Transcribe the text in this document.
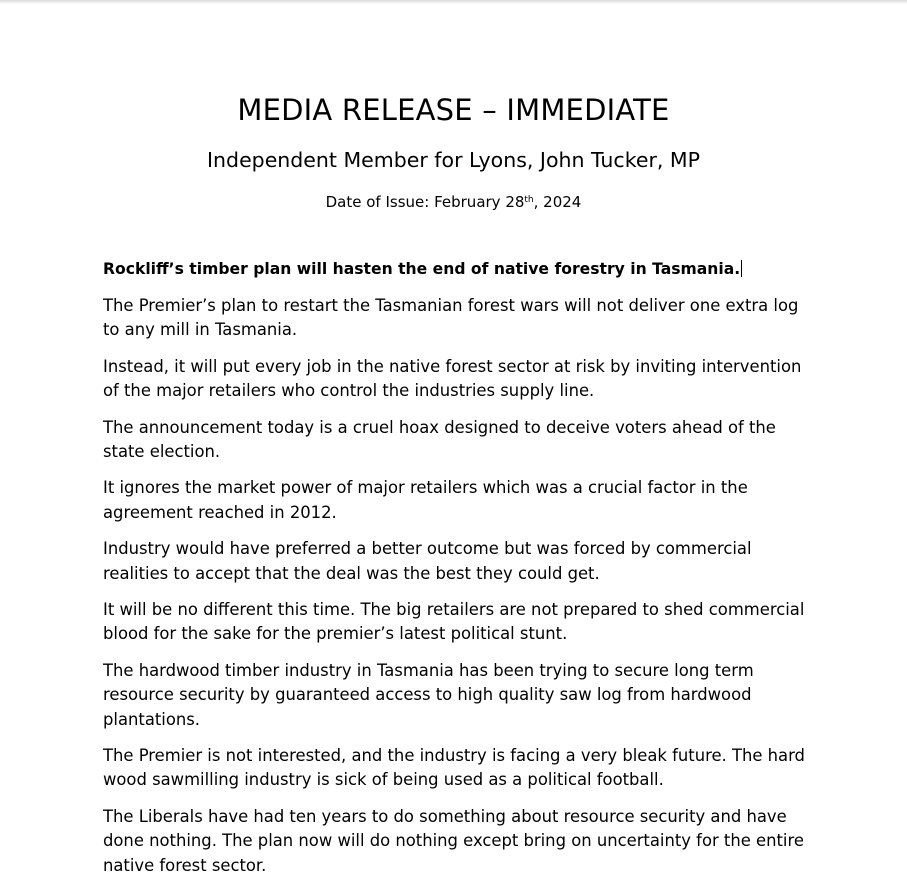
MEDIA RELEASE – IMMEDIATE
Independent Member for Lyons, John Tucker, MP
Date of Issue: February 28th, 2024

Rockliff’s timber plan will hasten the end of native forestry in Tasmania.

The Premier’s plan to restart the Tasmanian forest wars will not deliver one extra log to any mill in Tasmania.

Instead, it will put every job in the native forest sector at risk by inviting intervention of the major retailers who control the industries supply line.

The announcement today is a cruel hoax designed to deceive voters ahead of the state election.

It ignores the market power of major retailers which was a crucial factor in the agreement reached in 2012.

Industry would have preferred a better outcome but was forced by commercial realities to accept that the deal was the best they could get.

It will be no different this time. The big retailers are not prepared to shed commercial blood for the sake for the premier’s latest political stunt.

The hardwood timber industry in Tasmania has been trying to secure long term resource security by guaranteed access to high quality saw log from hardwood plantations.

The Premier is not interested, and the industry is facing a very bleak future. The hard wood sawmilling industry is sick of being used as a political football.

The Liberals have had ten years to do something about resource security and have done nothing. The plan now will do nothing except bring on uncertainty for the entire native forest sector.
